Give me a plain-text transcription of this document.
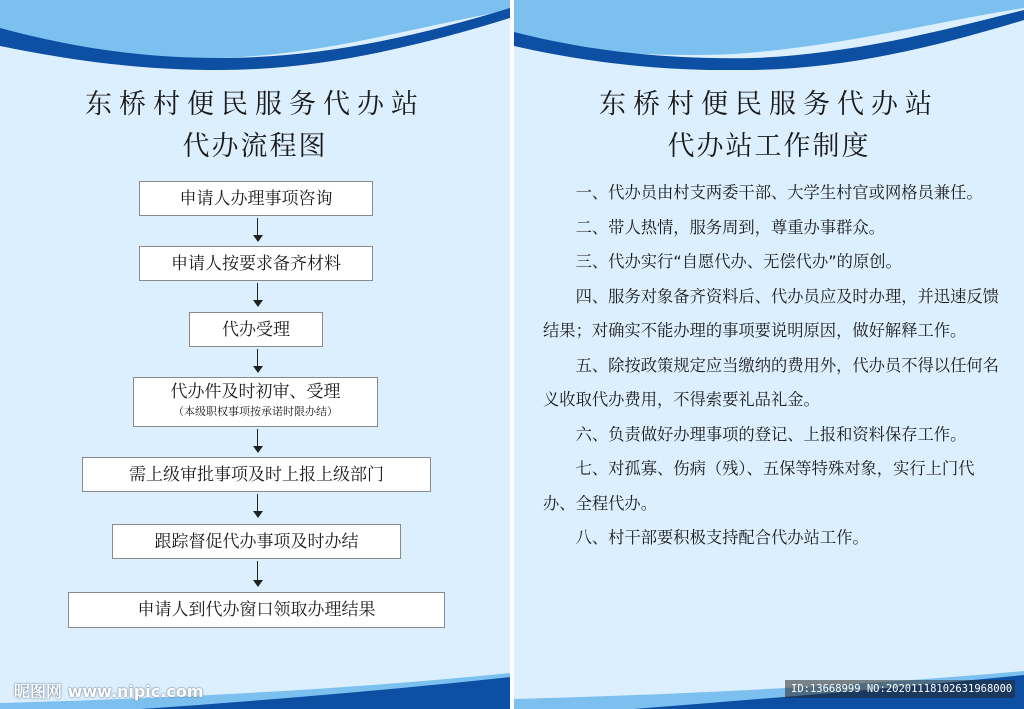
东桥村便民服务代办站
代办流程图
申请人办理事项咨询
申请人按要求备齐材料
代办受理
代办件及时初审、受理
（本级职权事项按承诺时限办结）
需上级审批事项及时上报上级部门
跟踪督促代办事项及时办结
申请人到代办窗口领取办理结果
东桥村便民服务代办站
代办站工作制度

一、代办员由村支两委干部、大学生村官或网格员兼任。

二、带人热情，服务周到，尊重办事群众。

三、代办实行“自愿代办、无偿代办”的原创。

四、服务对象备齐资料后、代办员应及时办理，并迅速反馈结果；对确实不能办理的事项要说明原因，做好解释工作。

五、除按政策规定应当缴纳的费用外，代办员不得以任何名义收取代办费用，不得索要礼品礼金。

六、负责做好办理事项的登记、上报和资料保存工作。

七、对孤寡、伤病（残）、五保等特殊对象，实行上门代办、全程代办。

八、村干部要积极支持配合代办站工作。

昵图网 www.nipic.com	ID:13668999 NO:20201118102631968000
